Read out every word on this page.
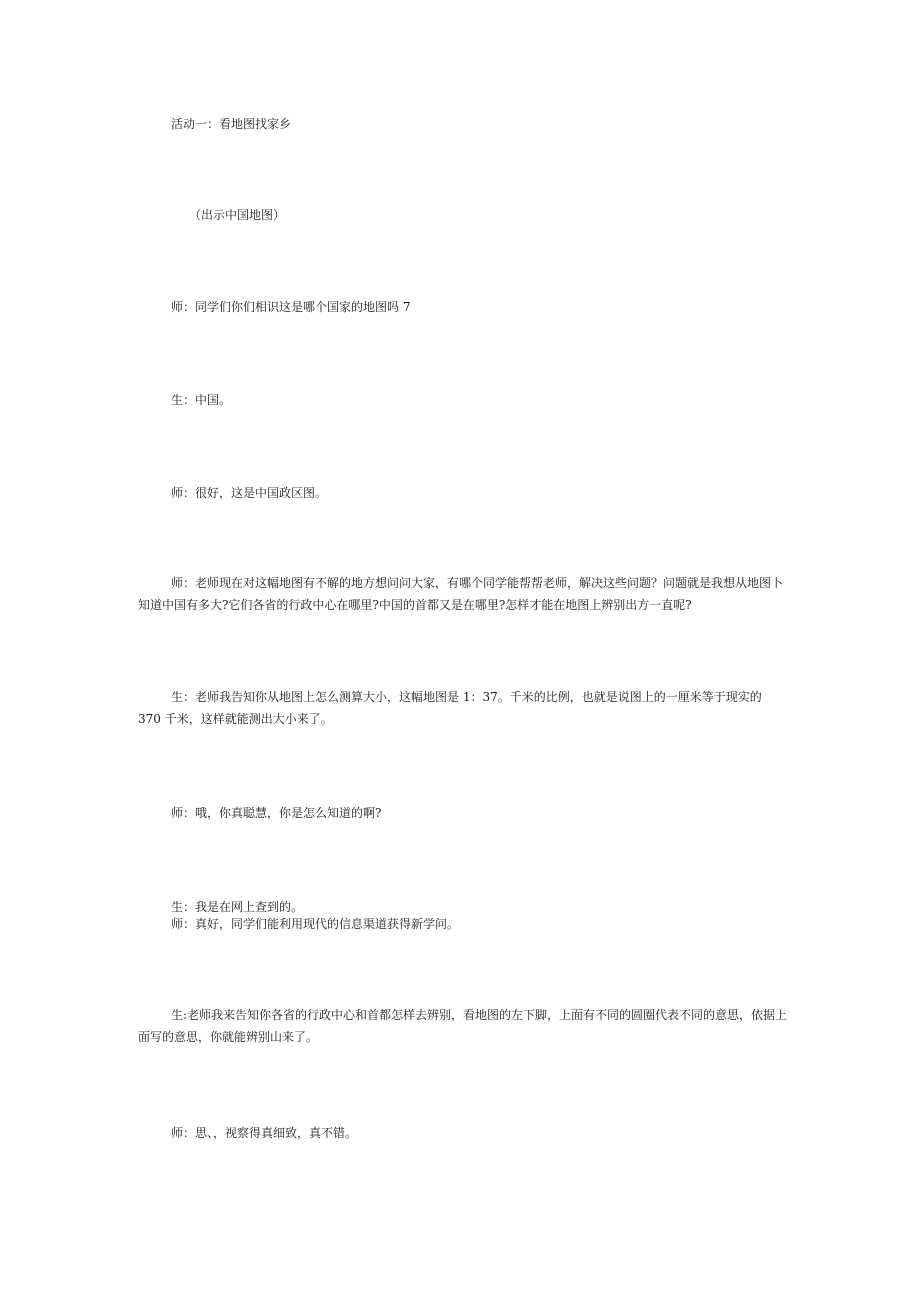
活动一：看地图找家乡

（出示中国地图）

师：同学们你们相识这是哪个国家的地图吗 7

生：中国。

师：很好，这是中国政区图。

师：老师现在对这幅地图有不解的地方想问问大家，有哪个同学能帮帮老师，解决这些问题？问题就是我想从地图卜知道中国有多大?它们各省的行政中心在哪里?中国的首都又是在哪里?怎样才能在地图上辨别出方一直呢?

生：老师我告知你从地图上怎么测算大小，这幅地图是 1：37。千米的比例，也就是说图上的一厘米等于现实的 370 千米，这样就能测出大小来了。

师：哦，你真聪慧，你是怎么知道的啊?

生：我是在网上查到的。

师：真好，同学们能利用现代的信息渠道获得新学问。

生:老师我来告知你各省的行政中心和首都怎样去辨别，看地图的左下脚，上面有不同的圆圈代表不同的意思，依据上面写的意思，你就能辨别山来了。

师：思、，视察得真细致，真不错。
